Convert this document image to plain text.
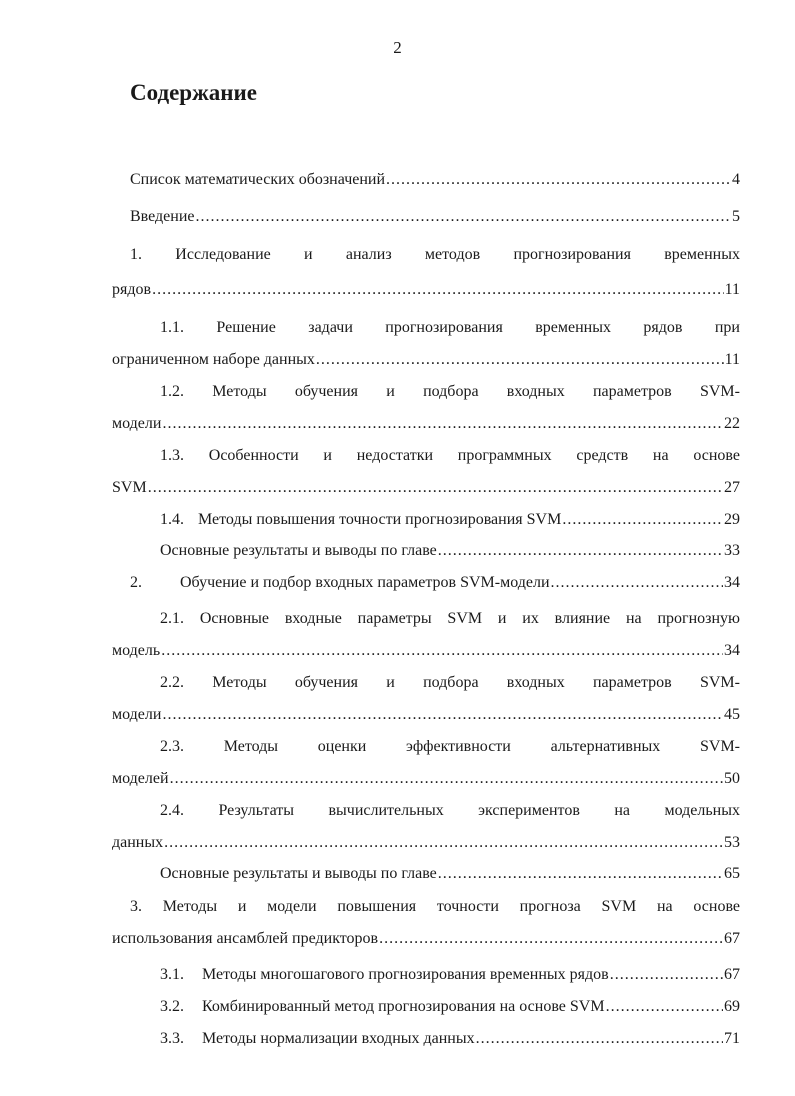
2
Содержание
Список математических обозначений .....	4
Введение .....	5
1. Исследование и анализ методов прогнозирования временных
рядов .....	11
1.1. Решение задачи прогнозирования временных рядов при
ограниченном наборе данных .....	11
1.2. Методы обучения и подбора входных параметров SVM-
модели .....	22
1.3. Особенности и недостатки программных средств на основе
SVM .....	27
1.4. Методы повышения точности прогнозирования SVM .....	29
Основные результаты и выводы по главе .....	33
2. Обучение и подбор входных параметров SVM-модели .....	34
2.1. Основные входные параметры SVM и их влияние на прогнозную
модель .....	34
2.2. Методы обучения и подбора входных параметров SVM-
модели .....	45
2.3. Методы оценки эффективности альтернативных SVM-
моделей .....	50
2.4. Результаты вычислительных экспериментов на модельных
данных .....	53
Основные результаты и выводы по главе .....	65
3. Методы и модели повышения точности прогноза SVM на основе
использования ансамблей предикторов .....	67
3.1. Методы многошагового прогнозирования временных рядов .....	67
3.2. Комбинированный метод прогнозирования на основе SVM .....	69
3.3. Методы нормализации входных данных .....	71
